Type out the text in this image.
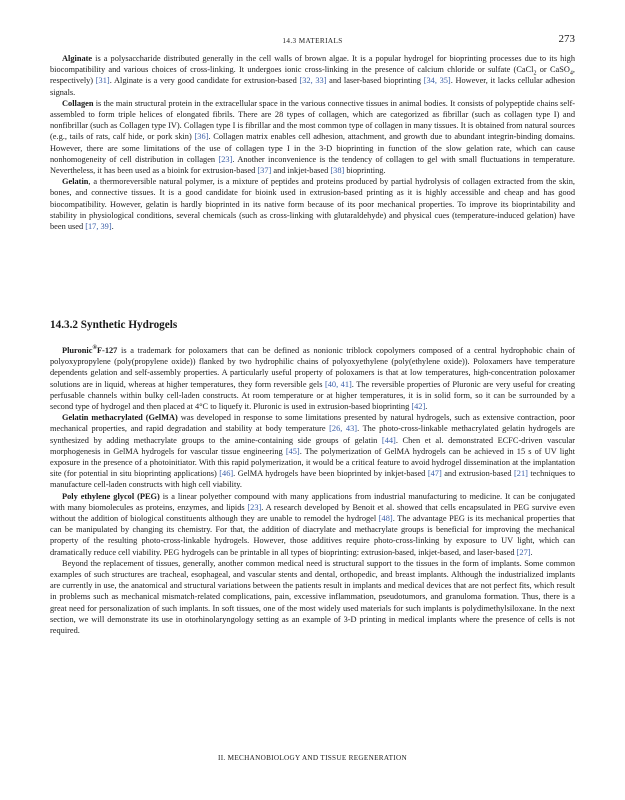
14.3 MATERIALS	273

Alginate is a polysaccharide distributed generally in the cell walls of brown algae. It is a popular hydrogel for bioprinting processes due to its high biocompatibility and various choices of cross-linking. It undergoes ionic cross-linking in the presence of calcium chloride or sulfate (CaCl$_2$ or CaSO$_4$, respectively) [31]. Alginate is a very good candidate for extrusion-based [32, 33] and laser-based bioprinting [34, 35]. However, it lacks cellular adhesion signals.

Collagen is the main structural protein in the extracellular space in the various connective tissues in animal bodies. It consists of polypeptide chains self-assembled to form triple helices of elongated fibrils. There are 28 types of collagen, which are categorized as fibrillar (such as collagen type I) and nonfibrillar (such as Collagen type IV). Collagen type I is fibrillar and the most common type of collagen in many tissues. It is obtained from natural sources (e.g., tails of rats, calf hide, or pork skin) [36]. Collagen matrix enables cell adhesion, attachment, and growth due to abundant integrin-binding domains. However, there are some limitations of the use of collagen type I in the 3-D bioprinting in function of the slow gelation rate, which can cause nonhomogeneity of cell distribution in collagen [23]. Another inconvenience is the tendency of collagen to gel with small fluctuations in temperature. Nevertheless, it has been used as a bioink for extrusion-based [37] and inkjet-based [38] bioprinting.

Gelatin, a thermoreversible natural polymer, is a mixture of peptides and proteins produced by partial hydrolysis of collagen extracted from the skin, bones, and connective tissues. It is a good candidate for bioink used in extrusion-based printing as it is highly accessible and cheap and has good biocompatibility. However, gelatin is hardly bioprinted in its native form because of its poor mechanical properties. To improve its bioprintability and stability in physiological conditions, several chemicals (such as cross-linking with glutaraldehyde) and physical cues (temperature-induced gelation) have been used [17, 39].

14.3.2 Synthetic Hydrogels

Pluronic®F-127 is a trademark for poloxamers that can be defined as nonionic triblock copolymers composed of a central hydrophobic chain of polyoxypropylene (poly(propylene oxide)) flanked by two hydrophilic chains of polyoxyethylene (poly(ethylene oxide)). Poloxamers have temperature dependents gelation and self-assembly properties. A particularly useful property of poloxamers is that at low temperatures, high-concentration poloxamer solutions are in liquid, whereas at higher temperatures, they form reversible gels [40, 41]. The reversible properties of Pluronic are very useful for creating perfusable channels within bulky cell-laden constructs. At room temperature or at higher temperatures, it is in solid form, so it can be surrounded by a second type of hydrogel and then placed at 4°C to liquefy it. Pluronic is used in extrusion-based bioprinting [42].

Gelatin methacrylated (GelMA) was developed in response to some limitations presented by natural hydrogels, such as extensive contraction, poor mechanical properties, and rapid degradation and stability at body temperature [26, 43]. The photo-cross-linkable methacrylated gelatin hydrogels are synthesized by adding methacrylate groups to the amine-containing side groups of gelatin [44]. Chen et al. demonstrated ECFC-driven vascular morphogenesis in GelMA hydrogels for vascular tissue engineering [45]. The polymerization of GelMA hydrogels can be achieved in 15 s of UV light exposure in the presence of a photoinitiator. With this rapid polymerization, it would be a critical feature to avoid hydrogel dissemination at the implantation site (for potential in situ bioprinting applications) [46]. GelMA hydrogels have been bioprinted by inkjet-based [47] and extrusion-based [21] techniques to manufacture cell-laden constructs with high cell viability.

Poly ethylene glycol (PEG) is a linear polyether compound with many applications from industrial manufacturing to medicine. It can be conjugated with many biomolecules as proteins, enzymes, and lipids [23]. A research developed by Benoit et al. showed that cells encapsulated in PEG survive even without the addition of biological constituents although they are unable to remodel the hydrogel [48]. The advantage PEG is its mechanical properties that can be manipulated by changing its chemistry. For that, the addition of diacrylate and methacrylate groups is beneficial for improving the mechanical property of the resulting photo-cross-linkable hydrogels. However, those additives require photo-cross-linking by exposure to UV light, which can dramatically reduce cell viability. PEG hydrogels can be printable in all types of bioprinting: extrusion-based, inkjet-based, and laser-based [27].

Beyond the replacement of tissues, generally, another common medical need is structural support to the tissues in the form of implants. Some common examples of such structures are tracheal, esophageal, and vascular stents and dental, orthopedic, and breast implants. Although the industrialized implants are currently in use, the anatomical and structural variations between the patients result in implants and medical devices that are not perfect fits, which result in problems such as mechanical mismatch-related complications, pain, excessive inflammation, pseudotumors, and granuloma formation. Thus, there is a great need for personalization of such implants. In soft tissues, one of the most widely used materials for such implants is polydimethylsiloxane. In the next section, we will demonstrate its use in otorhinolaryngology setting as an example of 3-D printing in medical implants where the presence of cells is not required.

II. MECHANOBIOLOGY AND TISSUE REGENERATION
